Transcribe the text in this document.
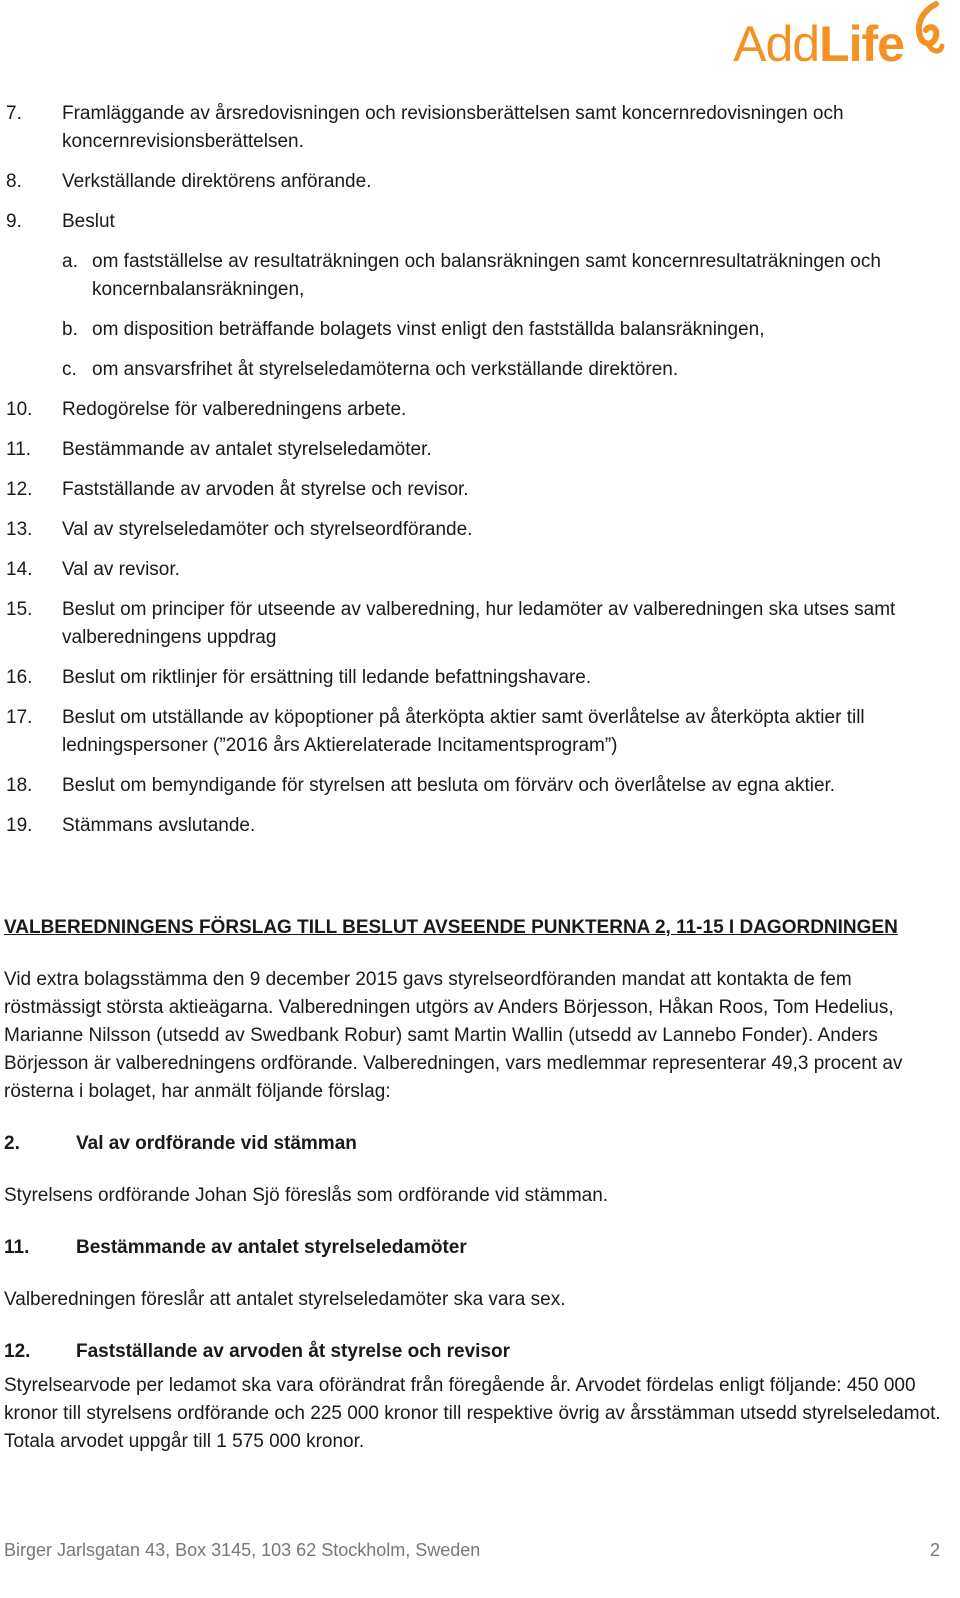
AddLife
7.	Framläggande av årsredovisningen och revisionsberättelsen samt koncernredovisningen och koncernrevisionsberättelsen.
8.	Verkställande direktörens anförande.
9.	Beslut
a. om fastställelse av resultaträkningen och balansräkningen samt koncernresultaträkningen och koncernbalansräkningen,
b. om disposition beträffande bolagets vinst enligt den fastställda balansräkningen,
c. om ansvarsfrihet åt styrelseledamöterna och verkställande direktören.
10.	Redogörelse för valberedningens arbete.
11.	Bestämmande av antalet styrelseledamöter.
12.	Fastställande av arvoden åt styrelse och revisor.
13.	Val av styrelseledamöter och styrelseordförande.
14.	Val av revisor.
15.	Beslut om principer för utseende av valberedning, hur ledamöter av valberedningen ska utses samt valberedningens uppdrag
16.	Beslut om riktlinjer för ersättning till ledande befattningshavare.
17.	Beslut om utställande av köpoptioner på återköpta aktier samt överlåtelse av återköpta aktier till ledningspersoner (”2016 års Aktierelaterade Incitamentsprogram”)
18.	Beslut om bemyndigande för styrelsen att besluta om förvärv och överlåtelse av egna aktier.
19.	Stämmans avslutande.

VALBEREDNINGENS FÖRSLAG TILL BESLUT AVSEENDE PUNKTERNA 2, 11-15 I DAGORDNINGEN

Vid extra bolagsstämma den 9 december 2015 gavs styrelseordföranden mandat att kontakta de fem röstmässigt största aktieägarna. Valberedningen utgörs av Anders Börjesson, Håkan Roos, Tom Hedelius, Marianne Nilsson (utsedd av Swedbank Robur) samt Martin Wallin (utsedd av Lannebo Fonder). Anders Börjesson är valberedningens ordförande. Valberedningen, vars medlemmar representerar 49,3 procent av rösterna i bolaget, har anmält följande förslag:

2.	Val av ordförande vid stämman

Styrelsens ordförande Johan Sjö föreslås som ordförande vid stämman.

11.	Bestämmande av antalet styrelseledamöter

Valberedningen föreslår att antalet styrelseledamöter ska vara sex.

12.	Fastställande av arvoden åt styrelse och revisor

Styrelsearvode per ledamot ska vara oförändrat från föregående år. Arvodet fördelas enligt följande: 450 000 kronor till styrelsens ordförande och 225 000 kronor till respektive övrig av årsstämman utsedd styrelseledamot. Totala arvodet uppgår till 1 575 000 kronor.

Birger Jarlsgatan 43, Box 3145, 103 62 Stockholm, Sweden	2
